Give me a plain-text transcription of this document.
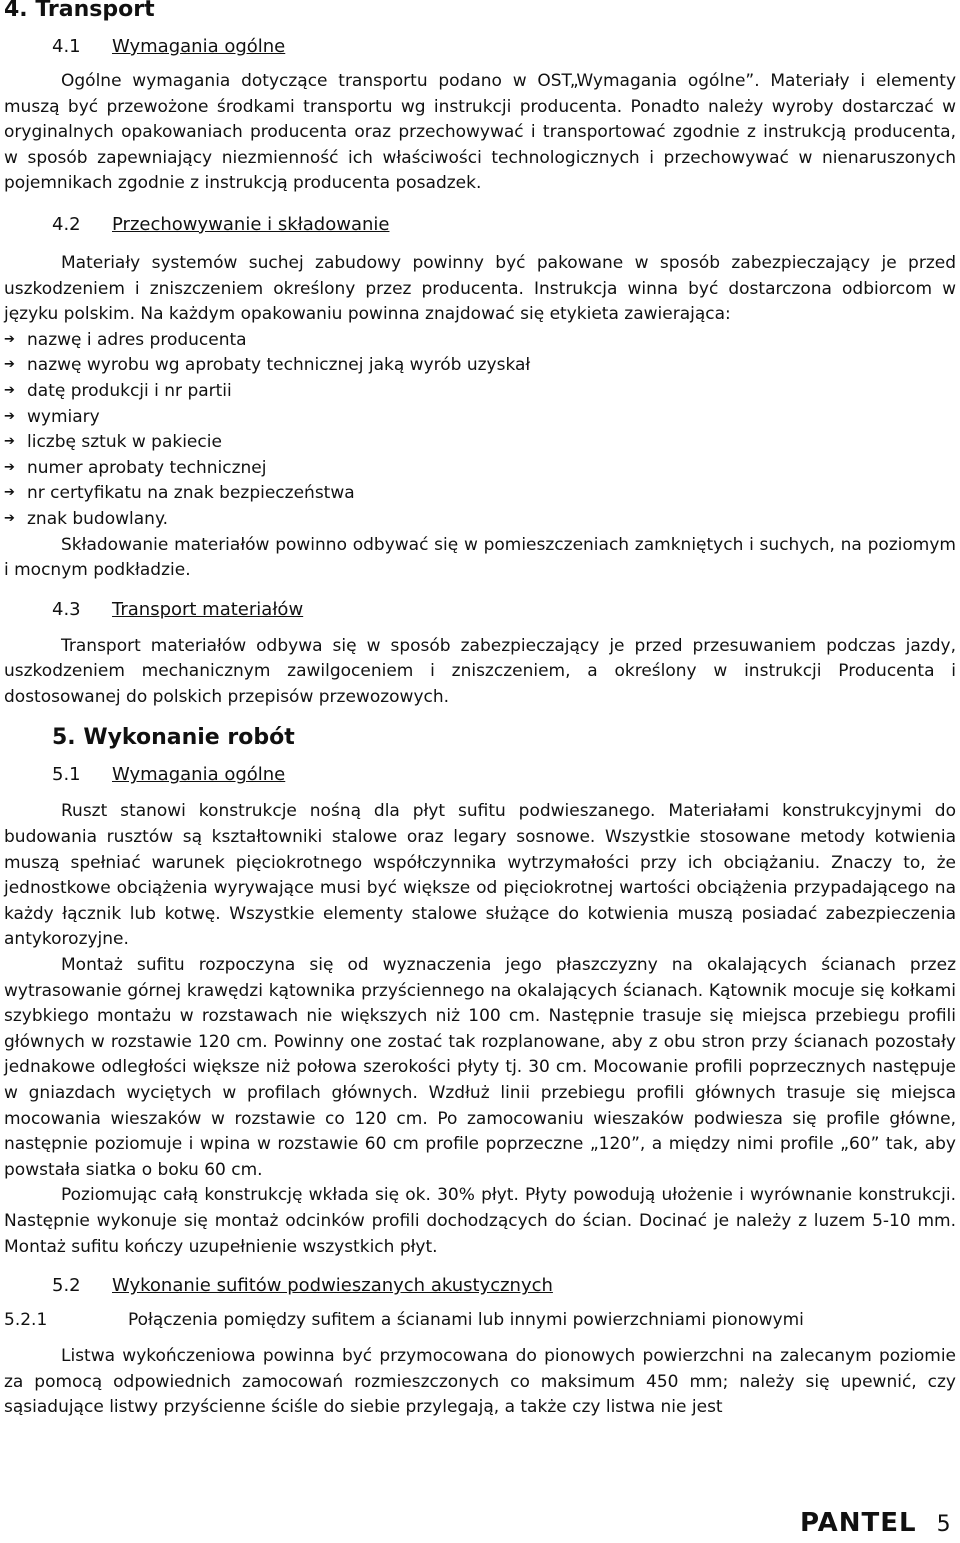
4. Transport
4.1 Wymagania ogólne

Ogólne wymagania dotyczące transportu podano w OST„Wymagania ogólne”. Materiały i elementy muszą być przewożone środkami transportu wg instrukcji producenta. Ponadto należy wyroby dostarczać w oryginalnych opakowaniach producenta oraz przechowywać i transportować zgodnie z instrukcją producenta, w sposób zapewniający niezmienność ich właściwości technologicznych i przechowywać w nienaruszonych pojemnikach zgodnie z instrukcją producenta posadzek.

4.2 Przechowywanie i składowanie

Materiały systemów suchej zabudowy powinny być pakowane w sposób zabezpieczający je przed uszkodzeniem i zniszczeniem określony przez producenta. Instrukcja winna być dostarczona odbiorcom w języku polskim. Na każdym opakowaniu powinna znajdować się etykieta zawierająca:

➔ nazwę i adres producenta
➔ nazwę wyrobu wg aprobaty technicznej jaką wyrób uzyskał
➔ datę produkcji i nr partii
➔ wymiary
➔ liczbę sztuk w pakiecie
➔ numer aprobaty technicznej
➔ nr certyfikatu na znak bezpieczeństwa
➔ znak budowlany.

Składowanie materiałów powinno odbywać się w pomieszczeniach zamkniętych i suchych, na poziomym i mocnym podkładzie.

4.3 Transport materiałów

Transport materiałów odbywa się w sposób zabezpieczający je przed przesuwaniem podczas jazdy, uszkodzeniem mechanicznym zawilgoceniem i zniszczeniem, a określony w instrukcji Producenta i dostosowanej do polskich przepisów przewozowych.

5. Wykonanie robót
5.1 Wymagania ogólne

Ruszt stanowi konstrukcje nośną dla płyt sufitu podwieszanego. Materiałami konstrukcyjnymi do budowania rusztów są kształtowniki stalowe oraz legary sosnowe. Wszystkie stosowane metody kotwienia muszą spełniać warunek pięciokrotnego współczynnika wytrzymałości przy ich obciążaniu. Znaczy to, że jednostkowe obciążenia wyrywające musi być większe od pięciokrotnej wartości obciążenia przypadającego na każdy łącznik lub kotwę. Wszystkie elementy stalowe służące do kotwienia muszą posiadać zabezpieczenia antykorozyjne.

Montaż sufitu rozpoczyna się od wyznaczenia jego płaszczyzny na okalających ścianach przez wytrasowanie górnej krawędzi kątownika przyściennego na okalających ścianach. Kątownik mocuje się kołkami szybkiego montażu w rozstawach nie większych niż 100 cm. Następnie trasuje się miejsca przebiegu profili głównych w rozstawie 120 cm. Powinny one zostać tak rozplanowane, aby z obu stron przy ścianach pozostały jednakowe odległości większe niż połowa szerokości płyty tj. 30 cm. Mocowanie profili poprzecznych następuje w gniazdach wyciętych w profilach głównych. Wzdłuż linii przebiegu profili głównych trasuje się miejsca mocowania wieszaków w rozstawie co 120 cm. Po zamocowaniu wieszaków podwiesza się profile główne, następnie poziomuje i wpina w rozstawie 60 cm profile poprzeczne „120”, a między nimi profile „60” tak, aby powstała siatka o boku 60 cm.

Poziomując całą konstrukcję wkłada się ok. 30% płyt. Płyty powodują ułożenie i wyrównanie konstrukcji. Następnie wykonuje się montaż odcinków profili dochodzących do ścian. Docinać je należy z luzem 5-10 mm. Montaż sufitu kończy uzupełnienie wszystkich płyt.

5.2 Wykonanie sufitów podwieszanych akustycznych
5.2.1	Połączenia pomiędzy sufitem a ścianami lub innymi powierzchniami pionowymi

Listwa wykończeniowa powinna być przymocowana do pionowych powierzchni na zalecanym poziomie za pomocą odpowiednich zamocowań rozmieszczonych co maksimum 450 mm; należy się upewnić, czy sąsiadujące listwy przyścienne ściśle do siebie przylegają, a także czy listwa nie jest

PANTEL 5
